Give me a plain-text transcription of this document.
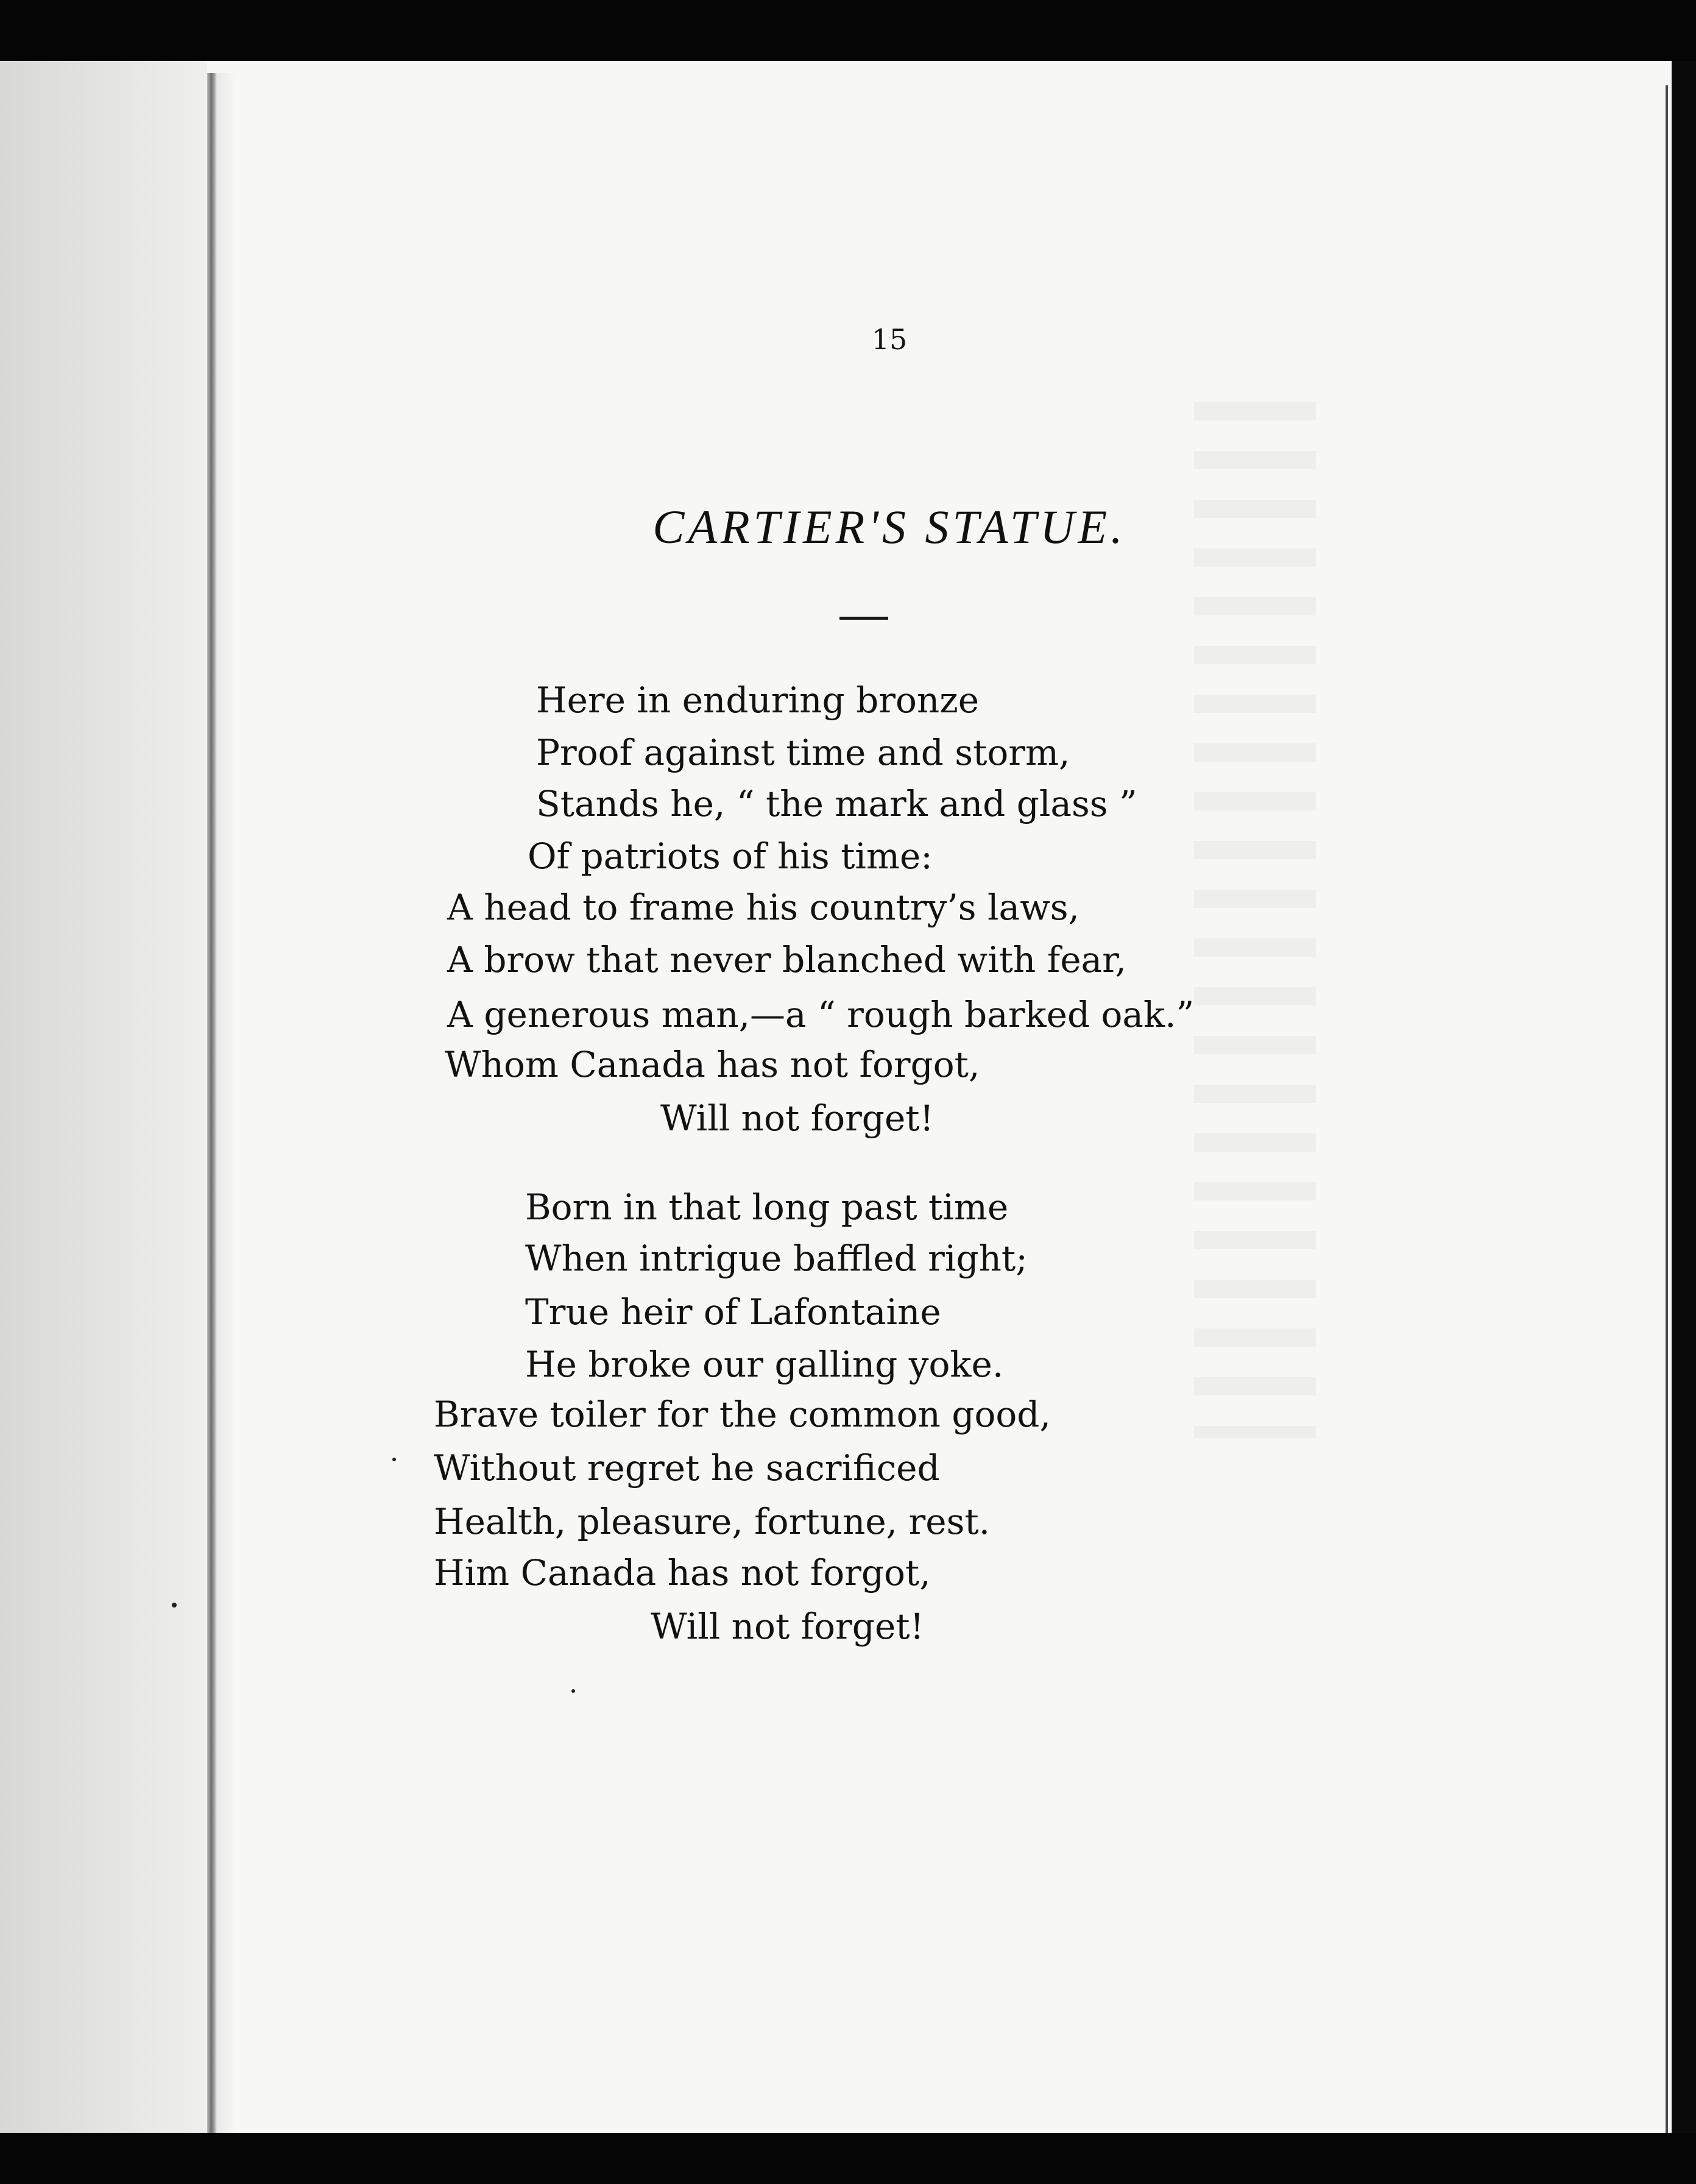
15
CARTIER'S STATUE.
Here in enduring bronze
Proof against time and storm,
Stands he, “ the mark and glass ”
Of patriots of his time:
A head to frame his country’s laws,
A brow that never blanched with fear,
A generous man,—a “ rough barked oak.”
Whom Canada has not forgot,
Will not forget!
Born in that long past time
When intrigue baffled right;
True heir of Lafontaine
He broke our galling yoke.
Brave toiler for the common good,
Without regret he sacrificed
Health, pleasure, fortune, rest.
Him Canada has not forgot,
Will not forget!
